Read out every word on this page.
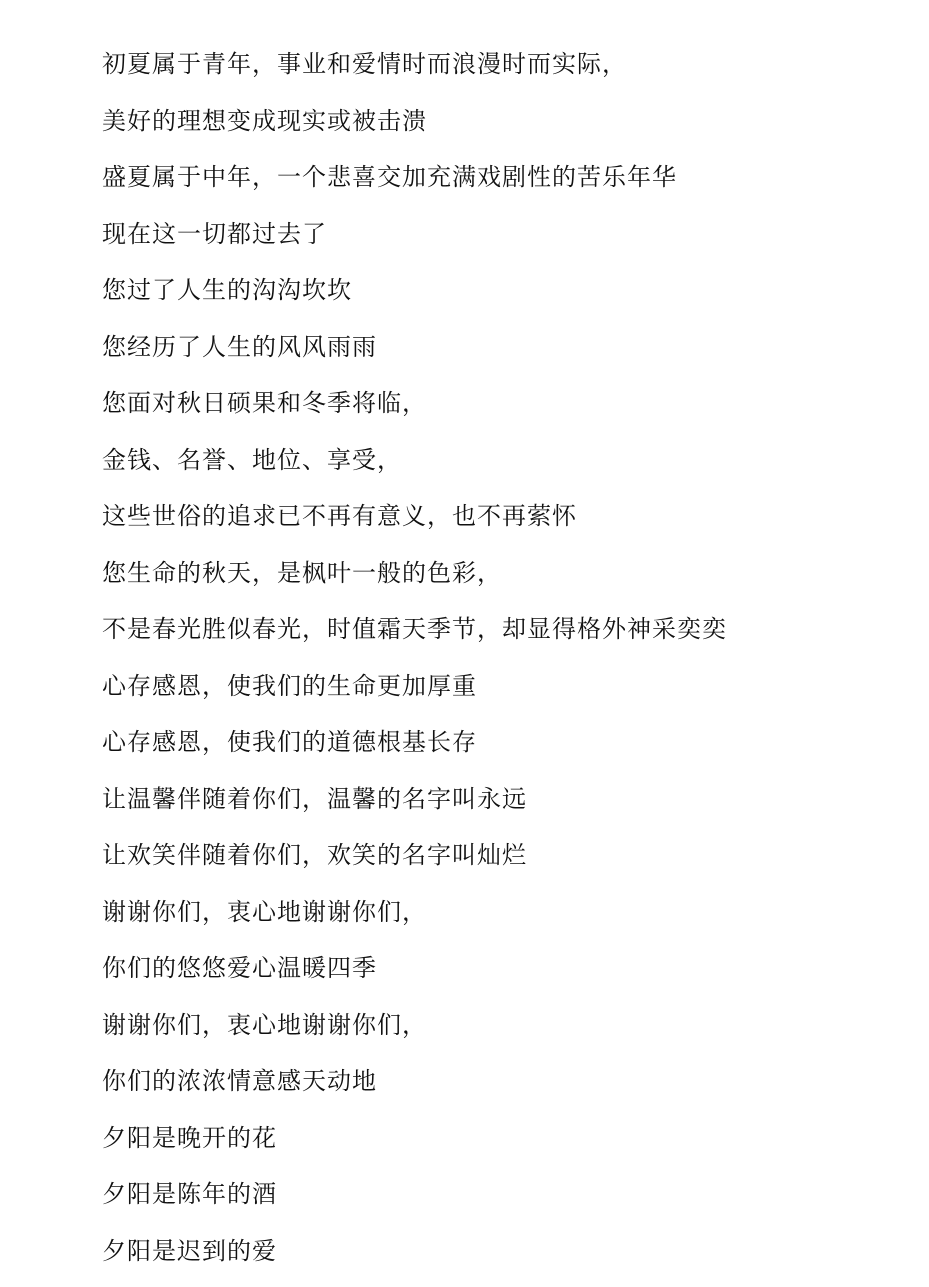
初夏属于青年，事业和爱情时而浪漫时而实际，
美好的理想变成现实或被击溃
盛夏属于中年，一个悲喜交加充满戏剧性的苦乐年华
现在这一切都过去了
您过了人生的沟沟坎坎
您经历了人生的风风雨雨
您面对秋日硕果和冬季将临，
金钱、名誉、地位、享受，
这些世俗的追求已不再有意义，也不再萦怀
您生命的秋天，是枫叶一般的色彩，
不是春光胜似春光，时值霜天季节，却显得格外神采奕奕
心存感恩，使我们的生命更加厚重
心存感恩，使我们的道德根基长存
让温馨伴随着你们，温馨的名字叫永远
让欢笑伴随着你们，欢笑的名字叫灿烂
谢谢你们，衷心地谢谢你们，
你们的悠悠爱心温暖四季
谢谢你们，衷心地谢谢你们，
你们的浓浓情意感天动地
夕阳是晚开的花
夕阳是陈年的酒
夕阳是迟到的爱
